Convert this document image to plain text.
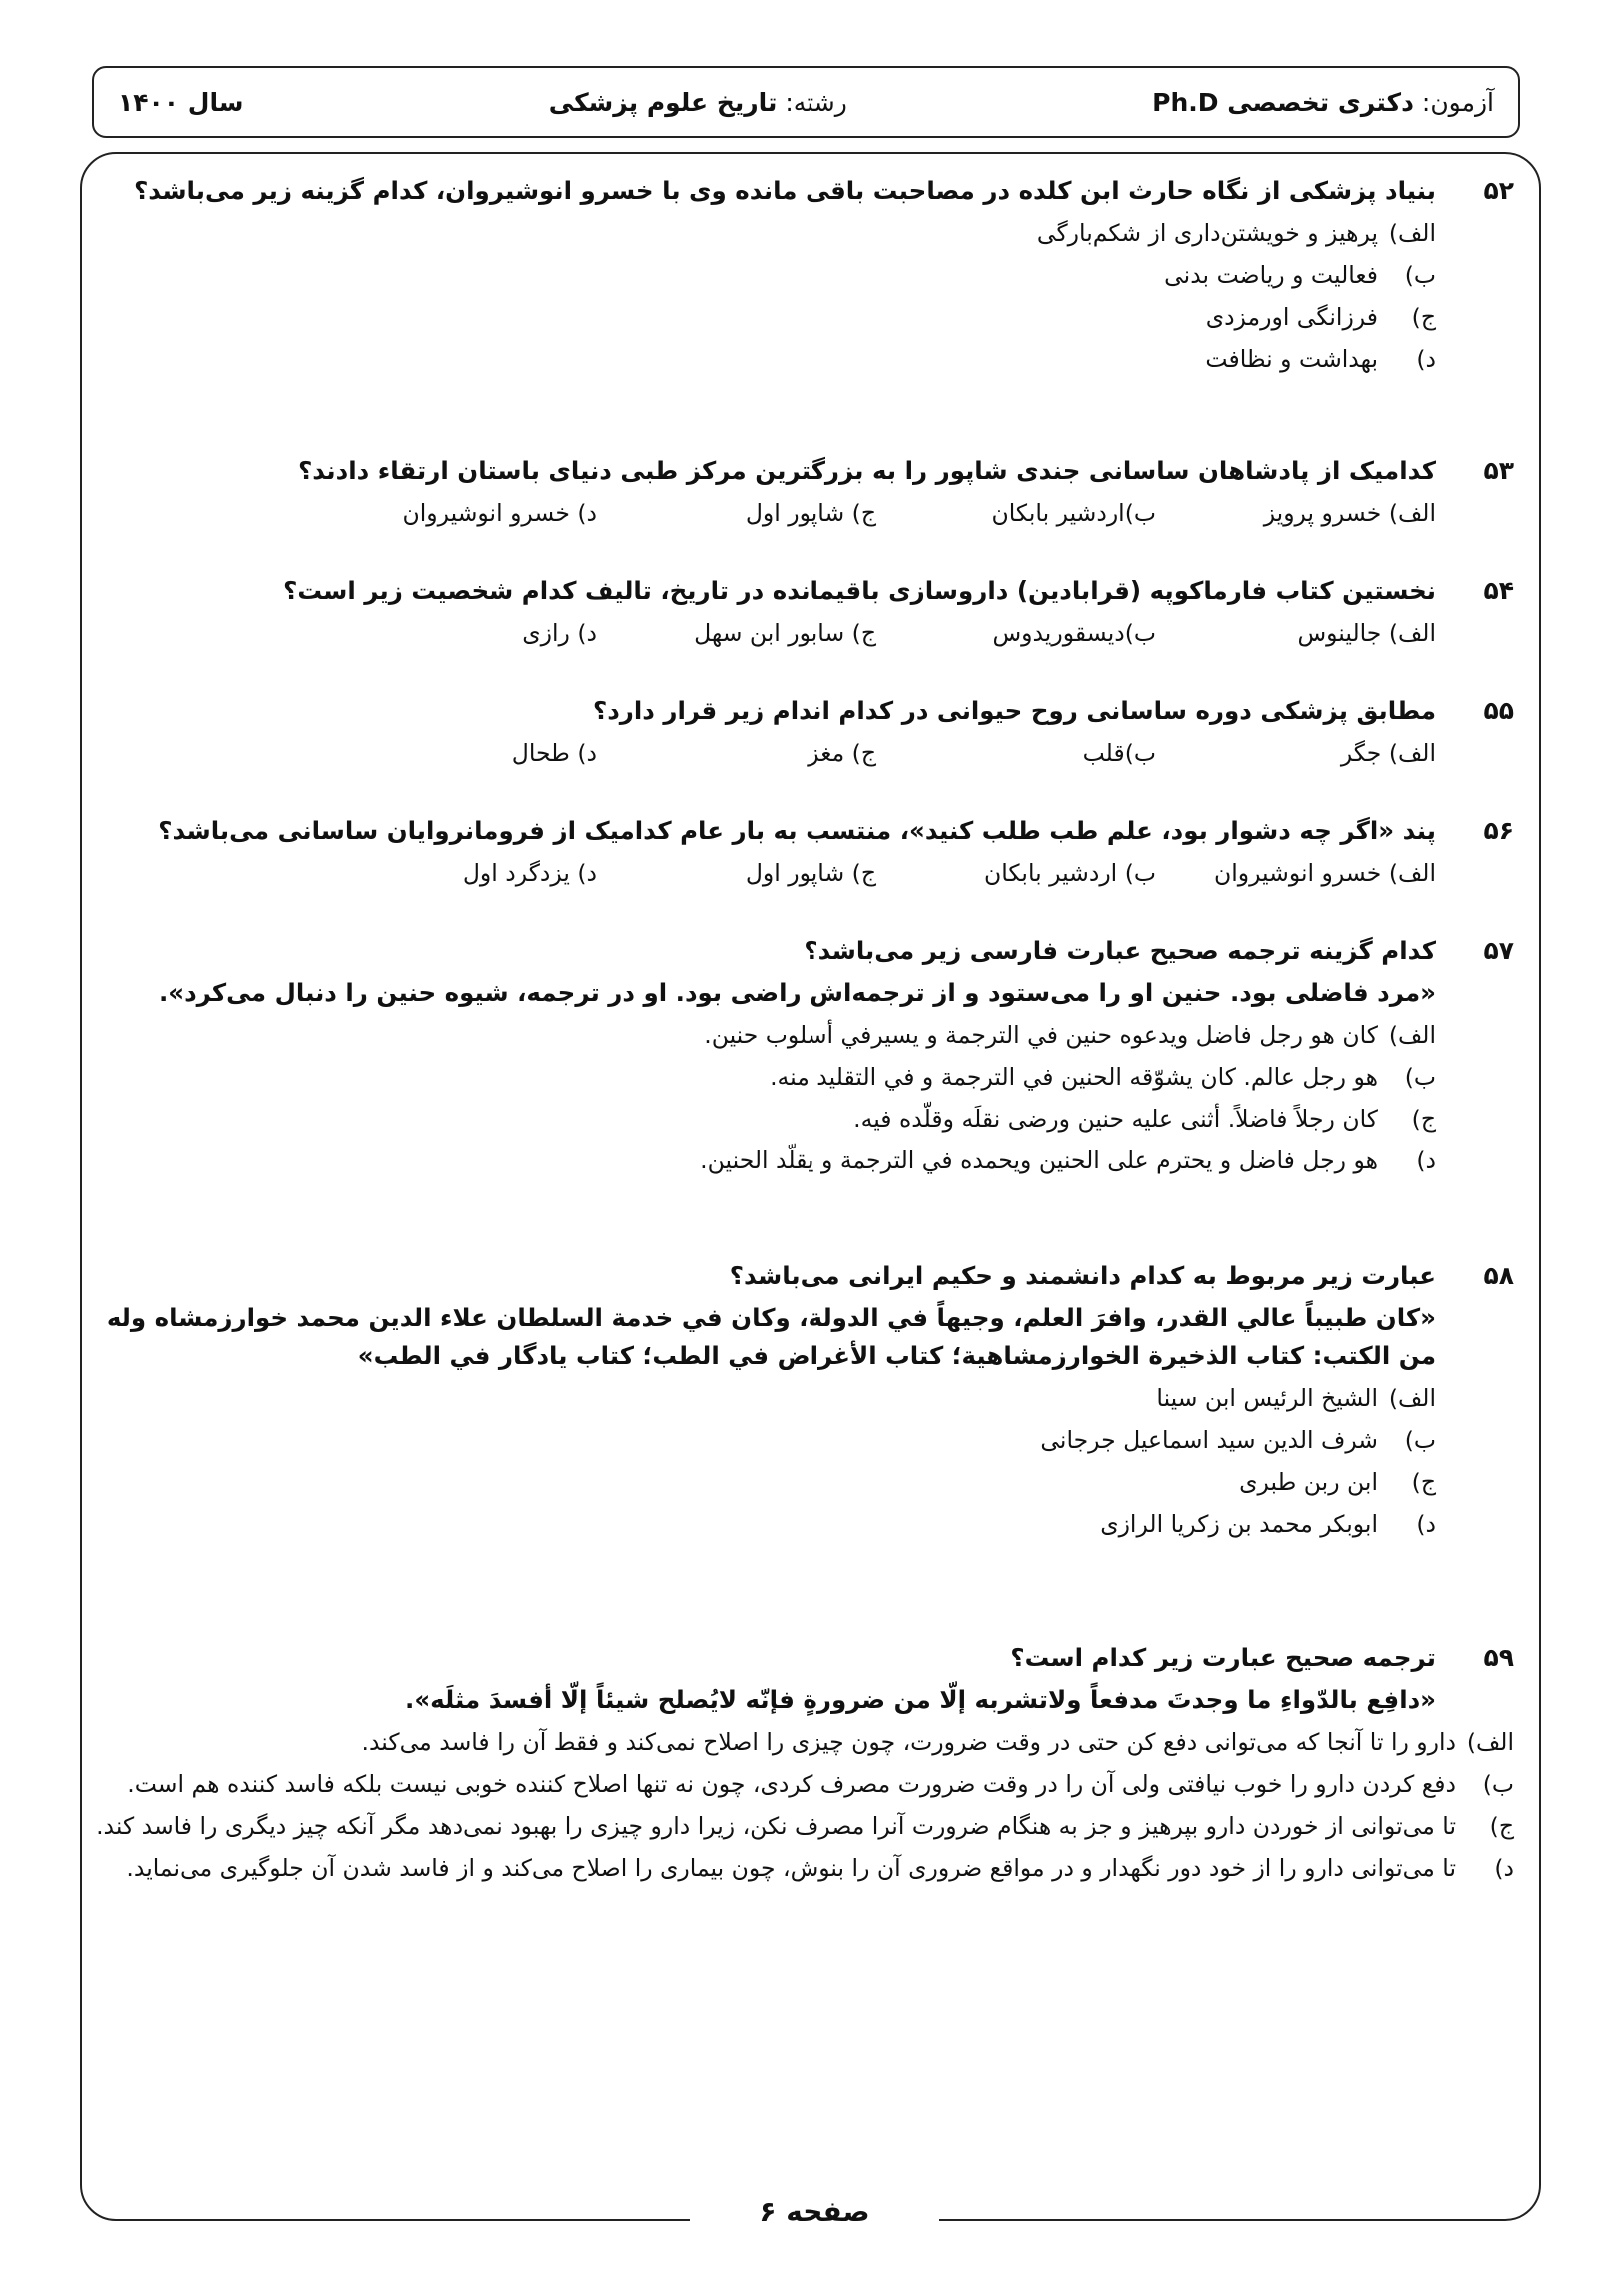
آزمون: دکتری تخصصی Ph.D
رشته: تاریخ علوم پزشکی
سال ۱۴۰۰
صفحه ۶
۵۲

بنیاد پزشکی از نگاه حارث ابن کلده در مصاحبت باقی مانده وی با خسرو انوشیروان، کدام گزینه زیر می‌باشد؟

الف)
پرهیز و خویشتن‌داری از شکم‌بارگی
ب)
فعالیت و ریاضت بدنی
ج)
فرزانگی اورمزدی
د)
بهداشت و نظافت
۵۳

کدامیک از پادشاهان ساسانی جندی شاپور را به بزرگترین مرکز طبی دنیای باستان ارتقاء دادند؟

الف) خسرو پرویز
ب)اردشیر بابکان
ج) شاپور اول
د) خسرو انوشیروان
۵۴

نخستین کتاب فارماکوپه (قرابادین) داروسازی باقیمانده در تاریخ، تالیف کدام شخصیت زیر است؟

الف) جالینوس
ب)دیسقوریدوس
ج) سابور ابن سهل
د) رازی
۵۵

مطابق پزشکی دوره ساسانی روح حیوانی در کدام اندام زیر قرار دارد؟

الف) جگر
ب)قلب
ج) مغز
د) طحال
۵۶

پند «اگر چه دشوار بود، علم طب طلب کنید»، منتسب به بار عام کدامیک از فرومانروایان ساسانی می‌باشد؟

الف) خسرو انوشیروان
ب) اردشیر بابکان
ج) شاپور اول
د) یزدگرد اول
۵۷

کدام گزینه ترجمه صحیح عبارت فارسی زیر می‌باشد؟

«مرد فاضلی بود. حنین او را می‌ستود و از ترجمه‌اش راضی بود. او در ترجمه، شیوه حنین را دنبال می‌کرد».

الف)
كان هو رجل فاضل ويدعوه حنين في الترجمة و يسيرفي أسلوب حنين.
ب)
هو رجل عالم. كان يشوّقه الحنين في الترجمة و في التقليد منه.
ج)
كان رجلاً فاضلاً. أثنى عليه حنين ورضى نقلَه وقلّده فيه.
د)
هو رجل فاضل و يحترم على الحنين ويحمده في الترجمة و يقلّد الحنين.
۵۸

عبارت زیر مربوط به کدام دانشمند و حکیم ایرانی می‌باشد؟

«كان طبيباً عالي القدر، وافرَ العلم، وجيهاً في الدولة، وكان في خدمة السلطان علاء الدين محمد خوارزمشاه وله من الكتب: كتاب الذخيرة الخوارزمشاهية؛ كتاب الأغراض في الطب؛ كتاب يادگار في الطب»

الف)
الشیخ الرئیس ابن سینا
ب)
شرف الدین سید اسماعیل جرجانی
ج)
ابن ربن طبری
د)
ابوبکر محمد بن زکریا الرازی
۵۹

ترجمه صحیح عبارت زیر کدام است؟

«دافِع بالدّواءِ ما وجدتَ مدفعاً ولاتشربه إلّا من ضرورةٍ فإنّه لايُصلح شيئاً إلّا أفسدَ مثلَه».

الف)
دارو را تا آنجا که می‌توانی دفع کن حتی در وقت ضرورت، چون چیزی را اصلاح نمی‌کند و فقط آن را فاسد می‌کند.
ب)
دفع کردن دارو را خوب نیافتی ولی آن را در وقت ضرورت مصرف کردی، چون نه تنها اصلاح کننده خوبی نیست بلکه فاسد کننده هم است.
ج)
تا می‌توانی از خوردن دارو بپرهیز و جز به هنگام ضرورت آنرا مصرف نکن، زیرا دارو چیزی را بهبود نمی‌دهد مگر آنکه چیز دیگری را فاسد کند.
د)
تا می‌توانی دارو را از خود دور نگهدار و در مواقع ضروری آن را بنوش، چون بیماری را اصلاح می‌کند و از فاسد شدن آن جلوگیری می‌نماید.
